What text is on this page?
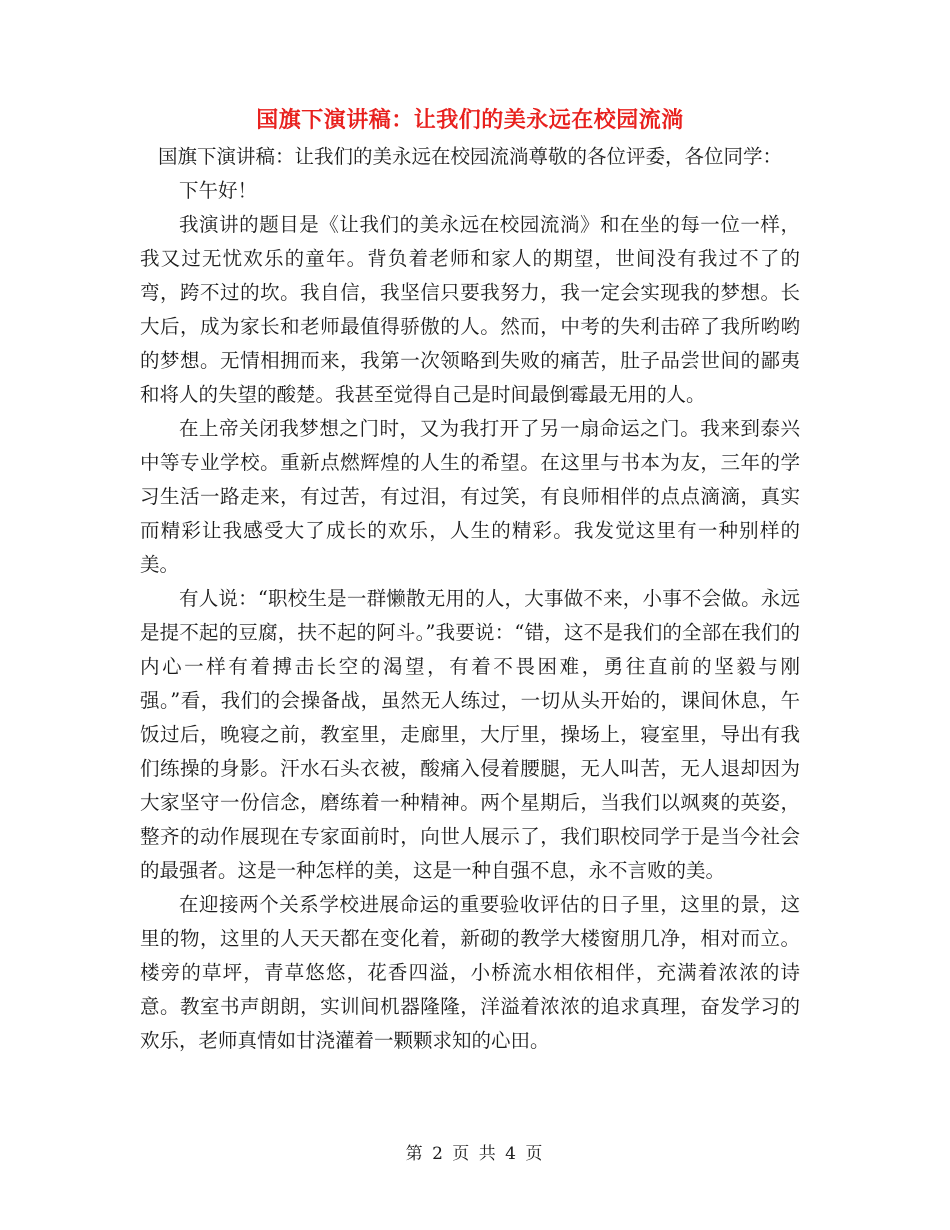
国旗下演讲稿：让我们的美永远在校园流淌

国旗下演讲稿：让我们的美永远在校园流淌尊敬的各位评委，各位同学：

下午好！

我演讲的题目是《让我们的美永远在校园流淌》和在坐的每一位一样，我又过无忧欢乐的童年。背负着老师和家人的期望，世间没有我过不了的弯，跨不过的坎。我自信，我坚信只要我努力，我一定会实现我的梦想。长大后，成为家长和老师最值得骄傲的人。然而，中考的失利击碎了我所哟哟的梦想。无情相拥而来，我第一次领略到失败的痛苦，肚子品尝世间的鄙夷和将人的失望的酸楚。我甚至觉得自己是时间最倒霉最无用的人。

在上帝关闭我梦想之门时，又为我打开了另一扇命运之门。我来到泰兴中等专业学校。重新点燃辉煌的人生的希望。在这里与书本为友，三年的学习生活一路走来，有过苦，有过泪，有过笑，有良师相伴的点点滴滴，真实而精彩让我感受大了成长的欢乐，人生的精彩。我发觉这里有一种别样的美。

有人说：“职校生是一群懒散无用的人，大事做不来，小事不会做。永远是提不起的豆腐，扶不起的阿斗。”我要说：“错，这不是我们的全部在我们的内心一样有着搏击长空的渴望，有着不畏困难，勇往直前的坚毅与刚强。”看，我们的会操备战，虽然无人练过，一切从头开始的，课间休息，午饭过后，晚寝之前，教室里，走廊里，大厅里，操场上，寝室里，导出有我们练操的身影。汗水石头衣被，酸痛入侵着腰腿，无人叫苦，无人退却因为大家坚守一份信念，磨练着一种精神。两个星期后，当我们以飒爽的英姿，整齐的动作展现在专家面前时，向世人展示了，我们职校同学于是当今社会的最强者。这是一种怎样的美，这是一种自强不息，永不言败的美。

在迎接两个关系学校进展命运的重要验收评估的日子里，这里的景，这里的物，这里的人天天都在变化着，新砌的教学大楼窗朋几净，相对而立。楼旁的草坪，青草悠悠，花香四溢，小桥流水相依相伴，充满着浓浓的诗意。教室书声朗朗，实训间机器隆隆，洋溢着浓浓的追求真理，奋发学习的欢乐，老师真情如甘浇灌着一颗颗求知的心田。

第 2 页 共 4 页
